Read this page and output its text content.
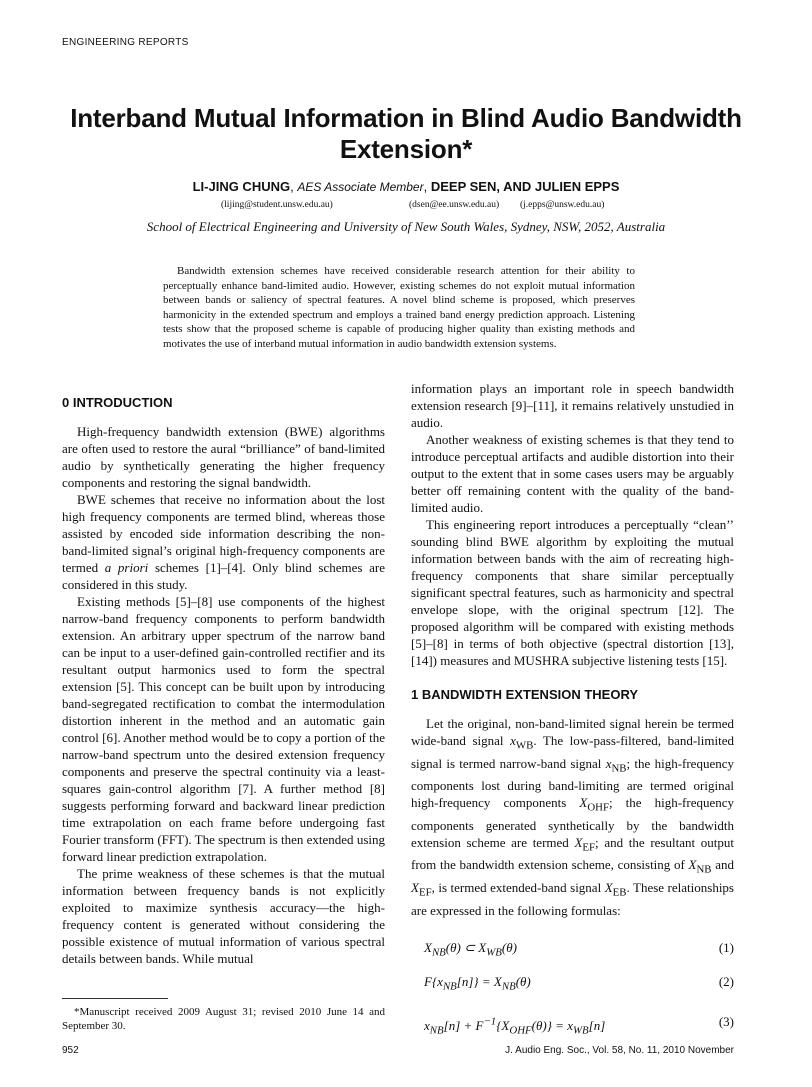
ENGINEERING REPORTS
Interband Mutual Information in Blind Audio Bandwidth Extension*
LI-JING CHUNG, AES Associate Member, DEEP SEN, AND JULIEN EPPS
(lijing@student.unsw.edu.au)	(dsen@ee.unsw.edu.au) (j.epps@unsw.edu.au)
School of Electrical Engineering and University of New South Wales, Sydney, NSW, 2052, Australia

Bandwidth extension schemes have received considerable research attention for their ability to perceptually enhance band-limited audio. However, existing schemes do not exploit mutual information between bands or saliency of spectral features. A novel blind scheme is proposed, which preserves harmonicity in the extended spectrum and employs a trained band energy prediction approach. Listening tests show that the proposed scheme is capable of producing higher quality than existing methods and motivates the use of interband mutual information in audio bandwidth extension systems.

0 INTRODUCTION

High-frequency bandwidth extension (BWE) algorithms are often used to restore the aural “brilliance” of band-limited audio by synthetically generating the higher frequency components and restoring the signal bandwidth.

BWE schemes that receive no information about the lost high frequency components are termed blind, whereas those assisted by encoded side information describing the non-band-limited signal’s original high-frequency components are termed a priori schemes [1]–[4]. Only blind schemes are considered in this study.

Existing methods [5]–[8] use components of the highest narrow-band frequency components to perform bandwidth extension. An arbitrary upper spectrum of the narrow band can be input to a user-defined gain-controlled rectifier and its resultant output harmonics used to form the spectral extension [5]. This concept can be built upon by introducing band-segregated rectification to combat the intermodulation distortion inherent in the method and an automatic gain control [6]. Another method would be to copy a portion of the narrow-band spectrum unto the desired extension frequency components and preserve the spectral continuity via a least-squares gain-control algorithm [7]. A further method [8] suggests performing forward and backward linear prediction time extrapolation on each frame before undergoing fast Fourier transform (FFT). The spectrum is then extended using forward linear prediction extrapolation.

The prime weakness of these schemes is that the mutual information between frequency bands is not explicitly exploited to maximize synthesis accuracy—the high-frequency content is generated without considering the possible existence of mutual information of various spectral details between bands. While mutual

information plays an important role in speech bandwidth extension research [9]–[11], it remains relatively unstudied in audio.

Another weakness of existing schemes is that they tend to introduce perceptual artifacts and audible distortion into their output to the extent that in some cases users may be arguably better off remaining content with the quality of the band-limited audio.

This engineering report introduces a perceptually “clean’’ sounding blind BWE algorithm by exploiting the mutual information between bands with the aim of recreating high-frequency components that share similar perceptually significant spectral features, such as harmonicity and spectral envelope slope, with the original spectrum [12]. The proposed algorithm will be compared with existing methods [5]–[8] in terms of both objective (spectral distortion [13], [14]) measures and MUSHRA subjective listening tests [15].

1 BANDWIDTH EXTENSION THEORY

Let the original, non-band-limited signal herein be termed wide-band signal $x_{WB}$. The low-pass-filtered, band-limited signal is termed narrow-band signal $x_{NB}$; the high-frequency components lost during band-limiting are termed original high-frequency components $X_{OHF}$; the high-frequency components generated synthetically by the bandwidth extension scheme are termed $X_{EF}$; and the resultant output from the bandwidth extension scheme, consisting of $X_{NB}$ and $X_{EF}$, is termed extended-band signal $X_{EB}$. These relationships are expressed in the following formulas:

$X_{NB}(\theta)$ ⊂ $X_{WB}(\theta)$	(1)
$F\{x_{NB}[n]\} = X_{NB}(\theta)$	(2)
$x_{NB}[n] + F^{-1}\{X_{OHF}(\theta)\} = x_{WB}[n]$	(3)

*Manuscript received 2009 August 31; revised 2010 June 14 and September 30.

952	J. Audio Eng. Soc., Vol. 58, No. 11, 2010 November
